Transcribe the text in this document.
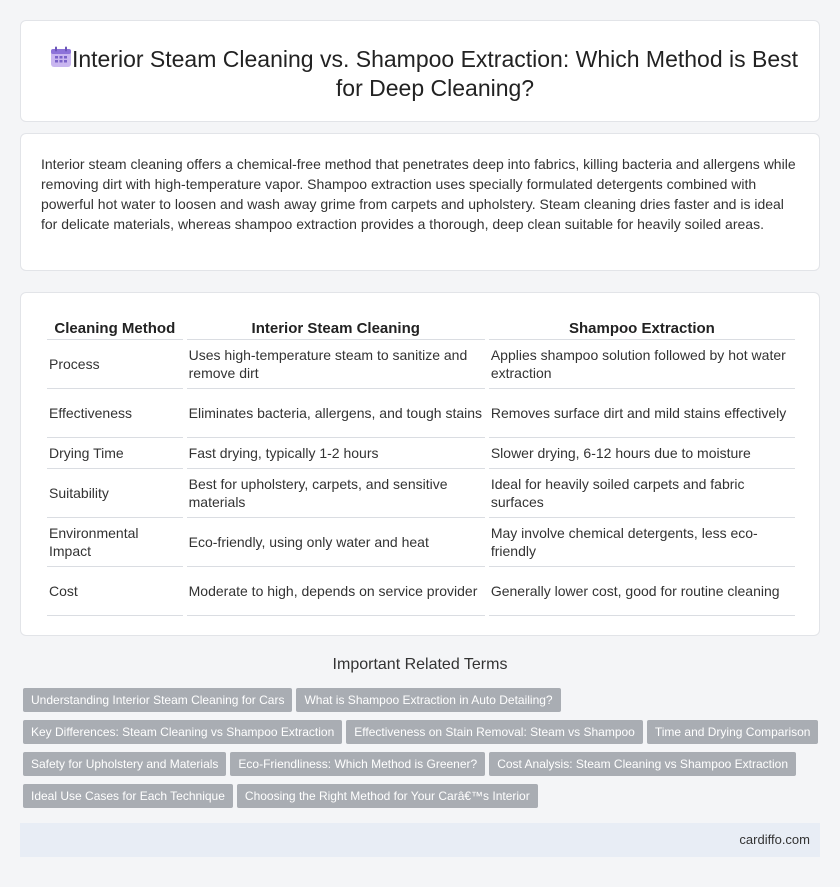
Interior Steam Cleaning vs. Shampoo Extraction: Which Method is Best for Deep Cleaning?

Interior steam cleaning offers a chemical-free method that penetrates deep into fabrics, killing bacteria and allergens while removing dirt with high-temperature vapor. Shampoo extraction uses specially formulated detergents combined with powerful hot water to loosen and wash away grime from carpets and upholstery. Steam cleaning dries faster and is ideal for delicate materials, whereas shampoo extraction provides a thorough, deep clean suitable for heavily soiled areas.

Cleaning Method	Interior Steam Cleaning	Shampoo Extraction
Process	Uses high-temperature steam to sanitize and remove dirt	Applies shampoo solution followed by hot water extraction
Effectiveness	Eliminates bacteria, allergens, and tough stains	Removes surface dirt and mild stains effectively
Drying Time	Fast drying, typically 1-2 hours	Slower drying, 6-12 hours due to moisture
Suitability	Best for upholstery, carpets, and sensitive materials	Ideal for heavily soiled carpets and fabric surfaces
Environmental Impact	Eco-friendly, using only water and heat	May involve chemical detergents, less eco-friendly
Cost	Moderate to high, depends on service provider	Generally lower cost, good for routine cleaning
Important Related Terms
Understanding Interior Steam Cleaning for Cars What is Shampoo Extraction in Auto Detailing?
Key Differences: Steam Cleaning vs Shampoo Extraction Effectiveness on Stain Removal: Steam vs Shampoo Time and Drying Comparison
Safety for Upholstery and Materials Eco-Friendliness: Which Method is Greener? Cost Analysis: Steam Cleaning vs Shampoo Extraction
Ideal Use Cases for Each Technique Choosing the Right Method for Your Carâ€™s Interior
cardiffo.com
